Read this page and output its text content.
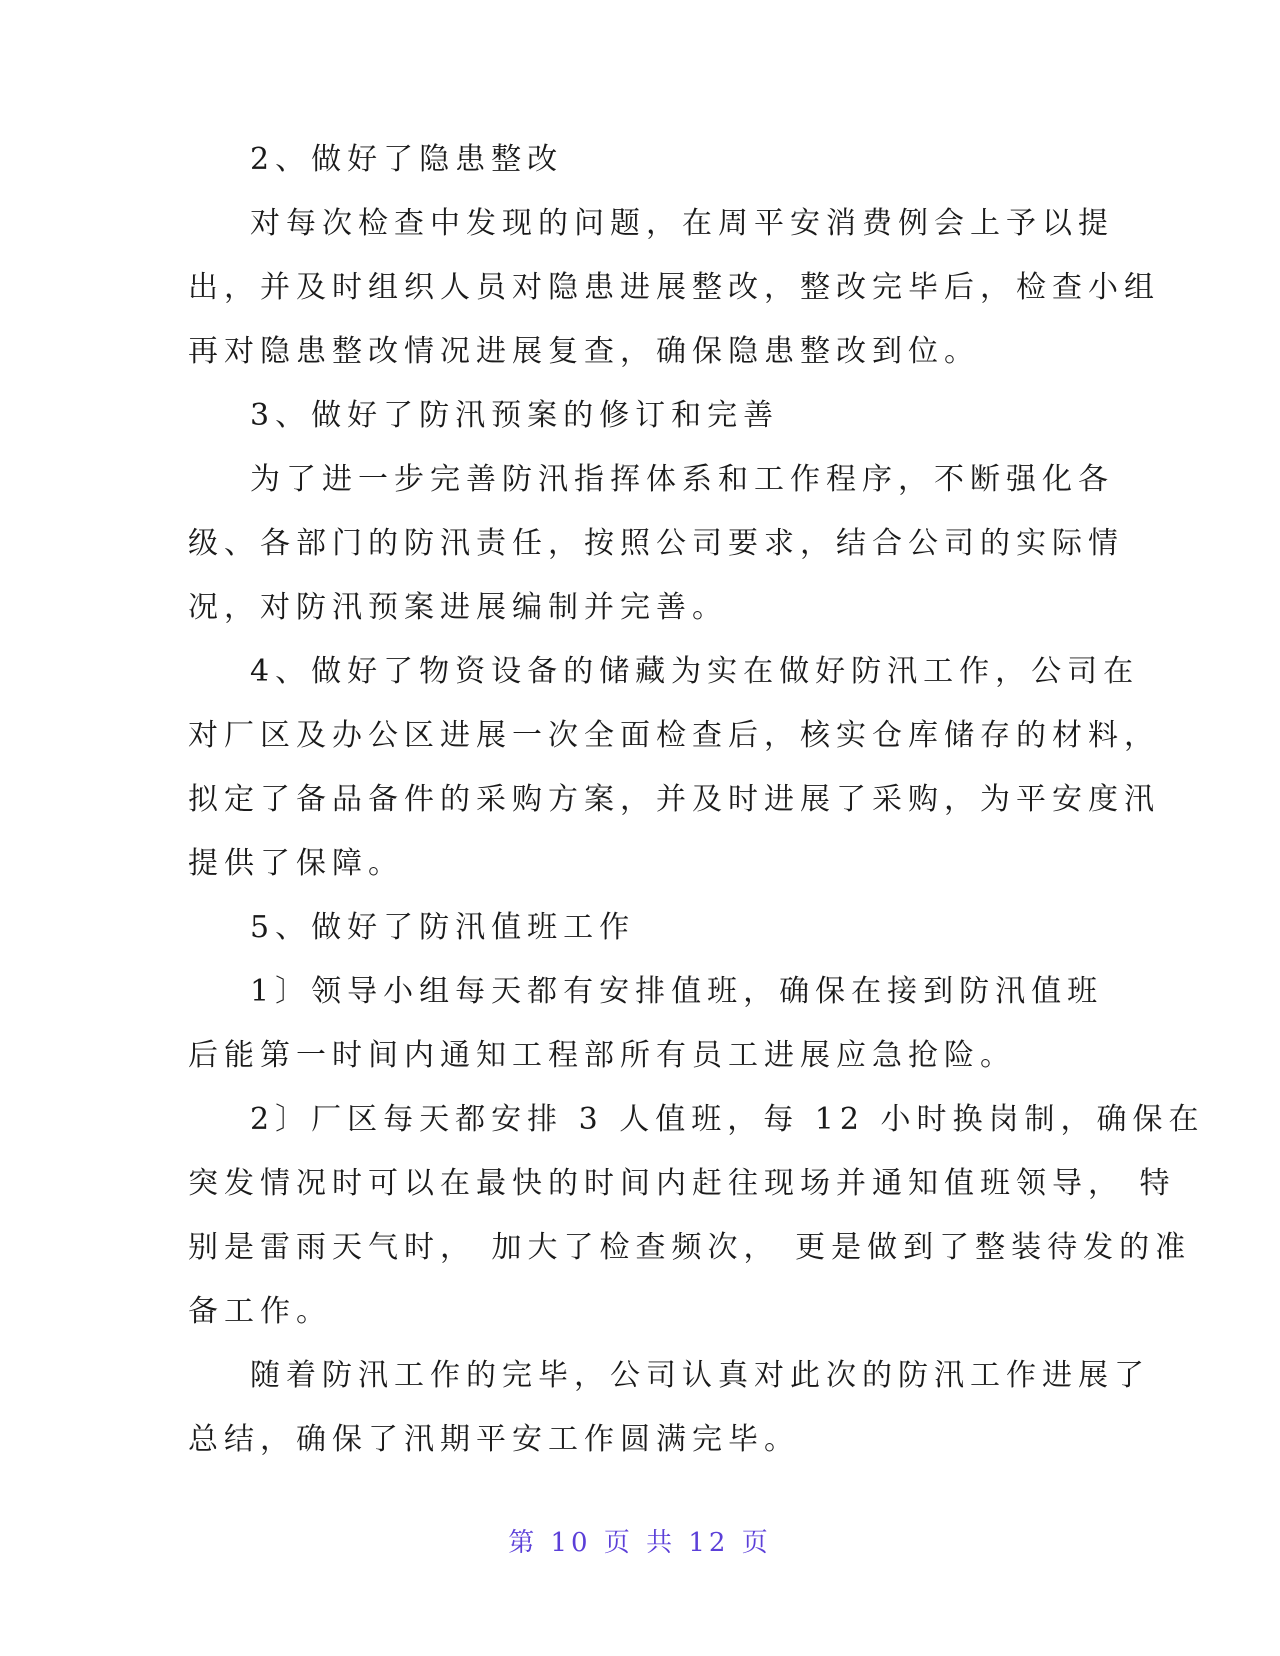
2、做好了隐患整改
对每次检查中发现的问题，在周平安消费例会上予以提
出，并及时组织人员对隐患进展整改，整改完毕后，检查小组
再对隐患整改情况进展复查，确保隐患整改到位。
3、做好了防汛预案的修订和完善
为了进一步完善防汛指挥体系和工作程序，不断强化各
级、各部门的防汛责任，按照公司要求，结合公司的实际情
况，对防汛预案进展编制并完善。
4、做好了物资设备的储藏为实在做好防汛工作，公司在
对厂区及办公区进展一次全面检查后，核实仓库储存的材料，
拟定了备品备件的采购方案，并及时进展了采购，为平安度汛
提供了保障。
5、做好了防汛值班工作
1〕领导小组每天都有安排值班，确保在接到防汛值班
后能第一时间内通知工程部所有员工进展应急抢险。
2〕厂区每天都安排 3 人值班，每 12 小时换岗制，确保在
突发情况时可以在最快的时间内赶往现场并通知值班领导， 特
别是雷雨天气时， 加大了检查频次， 更是做到了整装待发的准
备工作。
随着防汛工作的完毕，公司认真对此次的防汛工作进展了
总结，确保了汛期平安工作圆满完毕。
第 10 页 共 12 页
